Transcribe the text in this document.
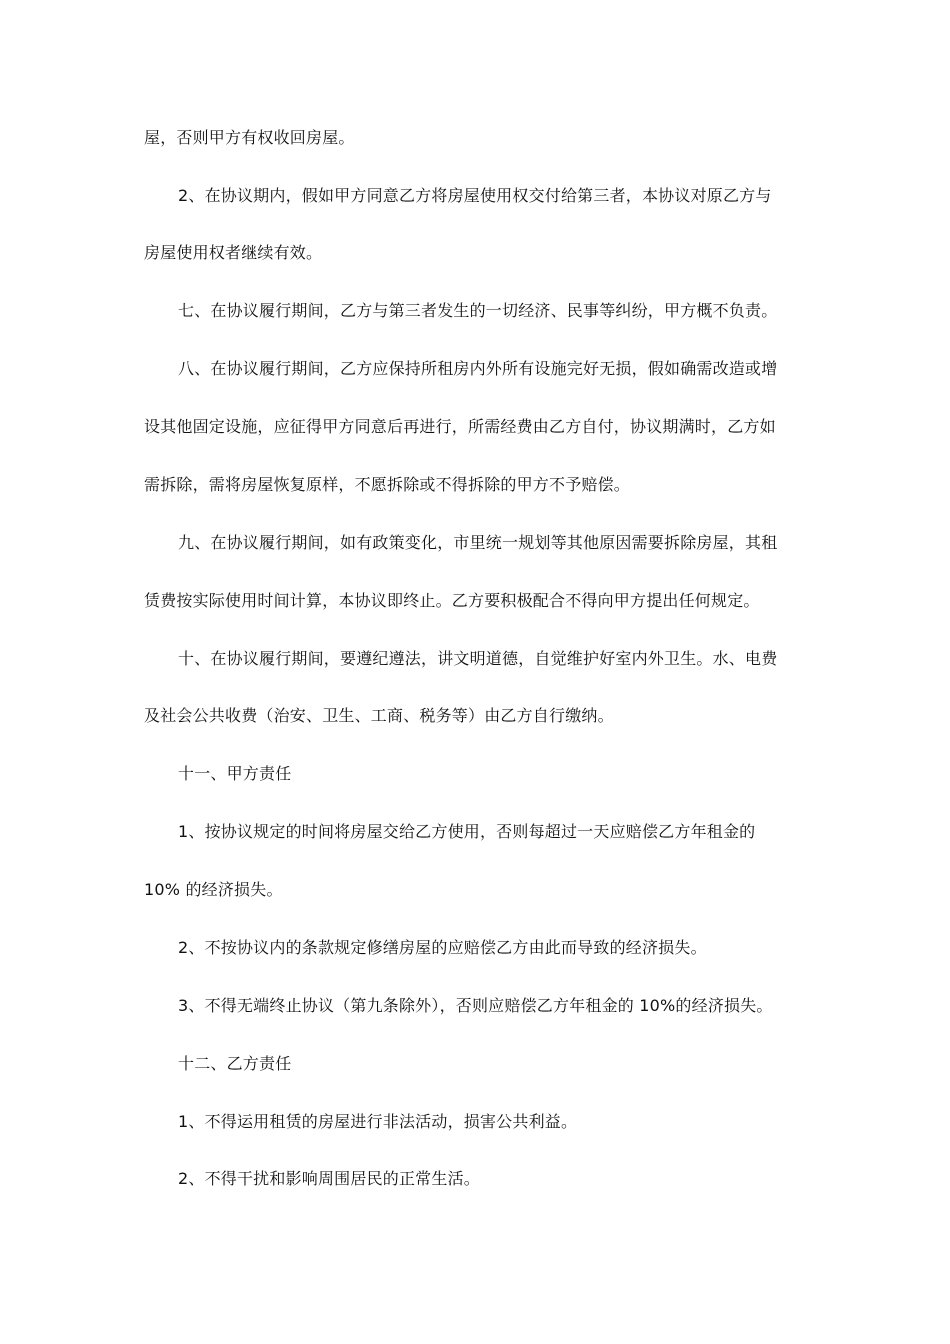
屋，否则甲方有权收回房屋。
2、在协议期内，假如甲方同意乙方将房屋使用权交付给第三者，本协议对原乙方与
房屋使用权者继续有效。
七、在协议履行期间，乙方与第三者发生的一切经济、民事等纠纷，甲方概不负责。
八、在协议履行期间，乙方应保持所租房内外所有设施完好无损，假如确需改造或增
设其他固定设施，应征得甲方同意后再进行，所需经费由乙方自付，协议期满时，乙方如
需拆除，需将房屋恢复原样，不愿拆除或不得拆除的甲方不予赔偿。
九、在协议履行期间，如有政策变化，市里统一规划等其他原因需要拆除房屋，其租
赁费按实际使用时间计算，本协议即终止。乙方要积极配合不得向甲方提出任何规定。
十、在协议履行期间，要遵纪遵法，讲文明道德，自觉维护好室内外卫生。水、电费
及社会公共收费（治安、卫生、工商、税务等）由乙方自行缴纳。
十一、甲方责任
1、按协议规定的时间将房屋交给乙方使用，否则每超过一天应赔偿乙方年租金的
10% 的经济损失。
2、不按协议内的条款规定修缮房屋的应赔偿乙方由此而导致的经济损失。
3、不得无端终止协议（第九条除外），否则应赔偿乙方年租金的 10%的经济损失。
十二、乙方责任
1、不得运用租赁的房屋进行非法活动，损害公共利益。
2、不得干扰和影响周围居民的正常生活。
